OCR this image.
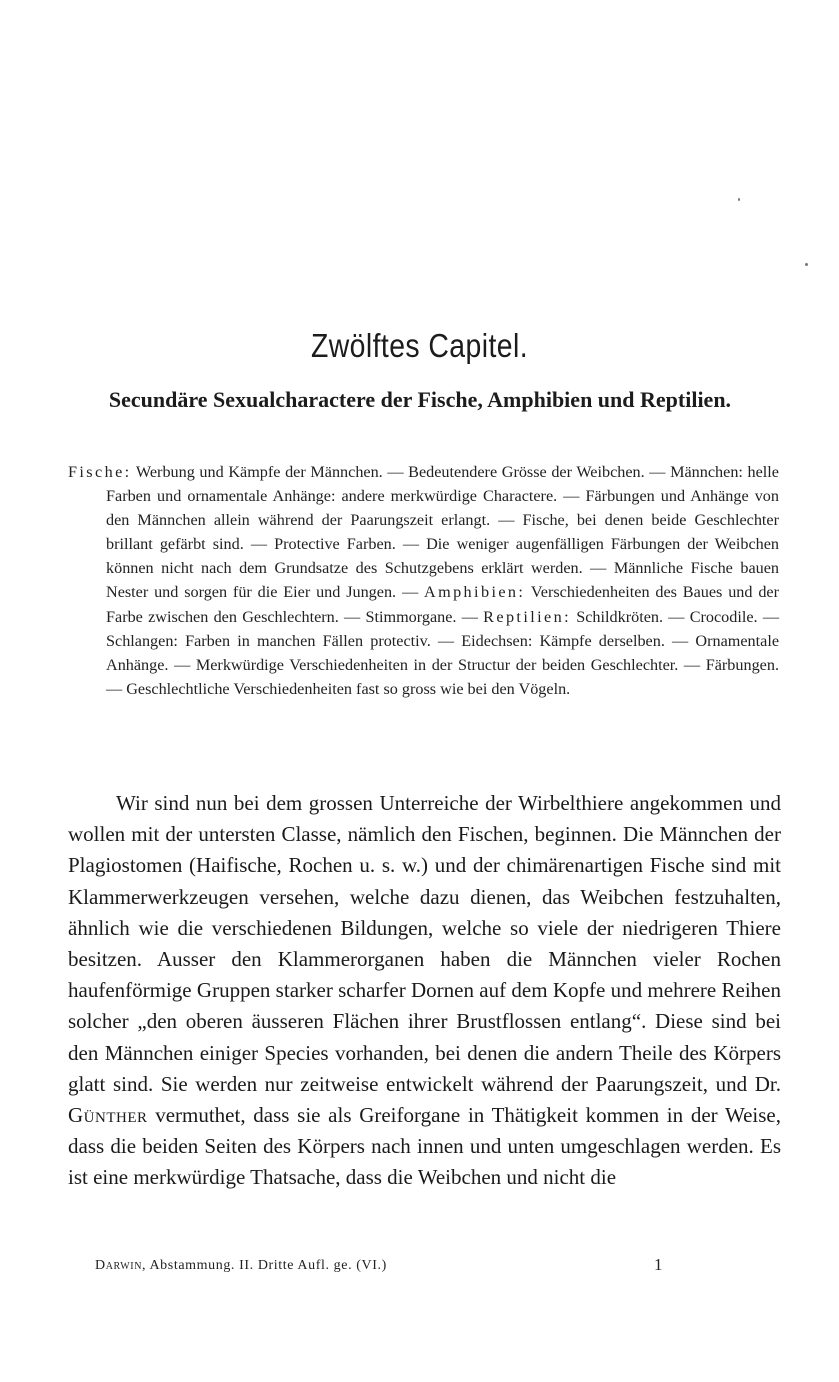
Zwölftes Capitel.
Secundäre Sexualcharactere der Fische, Amphibien und Reptilien.
Fische: Werbung und Kämpfe der Männchen. — Bedeutendere Grösse der Weibchen. — Männchen: helle Farben und ornamentale Anhänge: andere merkwürdige Charactere. — Färbungen und Anhänge von den Männchen allein während der Paarungszeit erlangt. — Fische, bei denen beide Geschlechter brillant gefärbt sind. — Protective Farben. — Die weniger augenfälligen Färbungen der Weibchen können nicht nach dem Grundsatze des Schutzgebens erklärt werden. — Männliche Fische bauen Nester und sorgen für die Eier und Jungen. — Amphibien: Verschiedenheiten des Baues und der Farbe zwischen den Geschlechtern. — Stimmorgane. — Reptilien: Schildkröten. — Crocodile. — Schlangen: Farben in manchen Fällen protectiv. — Eidechsen: Kämpfe derselben. — Ornamentale Anhänge. — Merkwürdige Verschiedenheiten in der Structur der beiden Geschlechter. — Färbungen. — Geschlechtliche Verschiedenheiten fast so gross wie bei den Vögeln.
Wir sind nun bei dem grossen Unterreiche der Wirbelthiere angekommen und wollen mit der untersten Classe, nämlich den Fischen, beginnen. Die Männchen der Plagiostomen (Haifische, Rochen u. s. w.) und der chimärenartigen Fische sind mit Klammerwerkzeugen versehen, welche dazu dienen, das Weibchen festzuhalten, ähnlich wie die verschiedenen Bildungen, welche so viele der niedrigeren Thiere besitzen. Ausser den Klammerorganen haben die Männchen vieler Rochen haufenförmige Gruppen starker scharfer Dornen auf dem Kopfe und mehrere Reihen solcher „den oberen äusseren Flächen ihrer Brustflossen entlang“. Diese sind bei den Männchen einiger Species vorhanden, bei denen die andern Theile des Körpers glatt sind. Sie werden nur zeitweise entwickelt während der Paarungszeit, und Dr. Günther vermuthet, dass sie als Greiforgane in Thätigkeit kommen in der Weise, dass die beiden Seiten des Körpers nach innen und unten umgeschlagen werden. Es ist eine merkwürdige Thatsache, dass die Weibchen und nicht die
Darwin, Abstammung. II. Dritte Aufl. ge. (VI.)	1
